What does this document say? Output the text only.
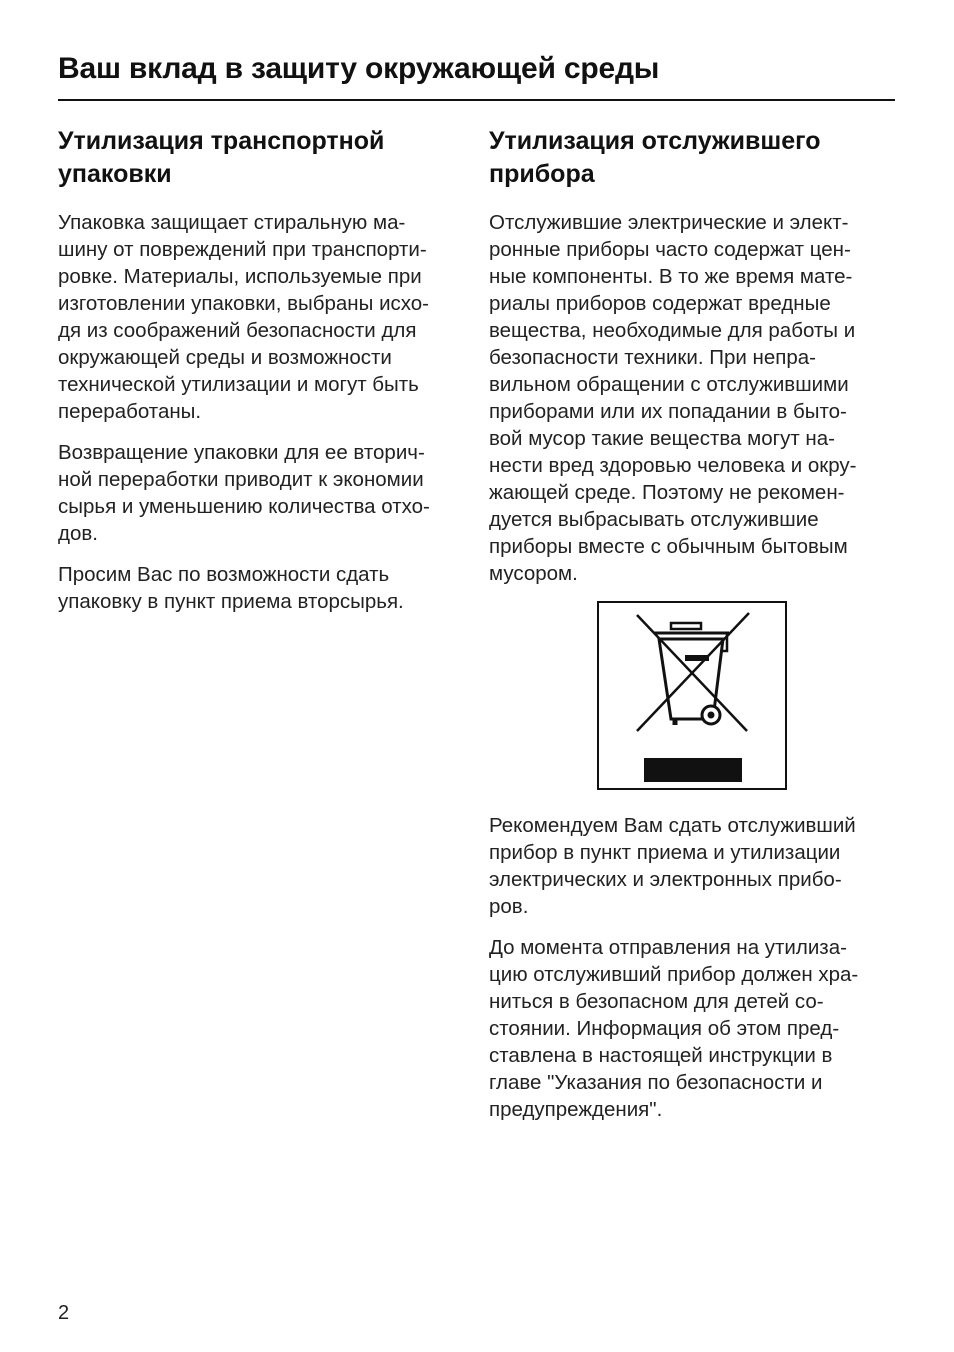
Ваш вклад в защиту окружающей среды
Утилизация транспортной
упаковки

Упаковка защищает стиральную ма-
шину от повреждений при транспорти-
ровке. Материалы, используемые при
изготовлении упаковки, выбраны исхо-
дя из соображений безопасности для
окружающей среды и возможности
технической утилизации и могут быть
переработаны.

Возвращение упаковки для ее вторич-
ной переработки приводит к экономии
сырья и уменьшению количества отхо-
дов.

Просим Вас по возможности сдать
упаковку в пункт приема вторсырья.

Утилизация отслужившего
прибора

Отслужившие электрические и элект-
ронные приборы часто содержат цен-
ные компоненты. В то же время мате-
риалы приборов содержат вредные
вещества, необходимые для работы и
безопасности техники. При непра-
вильном обращении с отслужившими
приборами или их попадании в быто-
вой мусор такие вещества могут на-
нести вред здоровью человека и окру-
жающей среде. Поэтому не рекомен-
дуется выбрасывать отслужившие
приборы вместе с обычным бытовым
мусором.

Рекомендуем Вам сдать отслуживший
прибор в пункт приема и утилизации
электрических и электронных прибо-
ров.

До момента отправления на утилиза-
цию отслуживший прибор должен хра-
ниться в безопасном для детей со-
стоянии. Информация об этом пред-
ставлена в настоящей инструкции в
главе "Указания по безопасности и
предупреждения".

2
